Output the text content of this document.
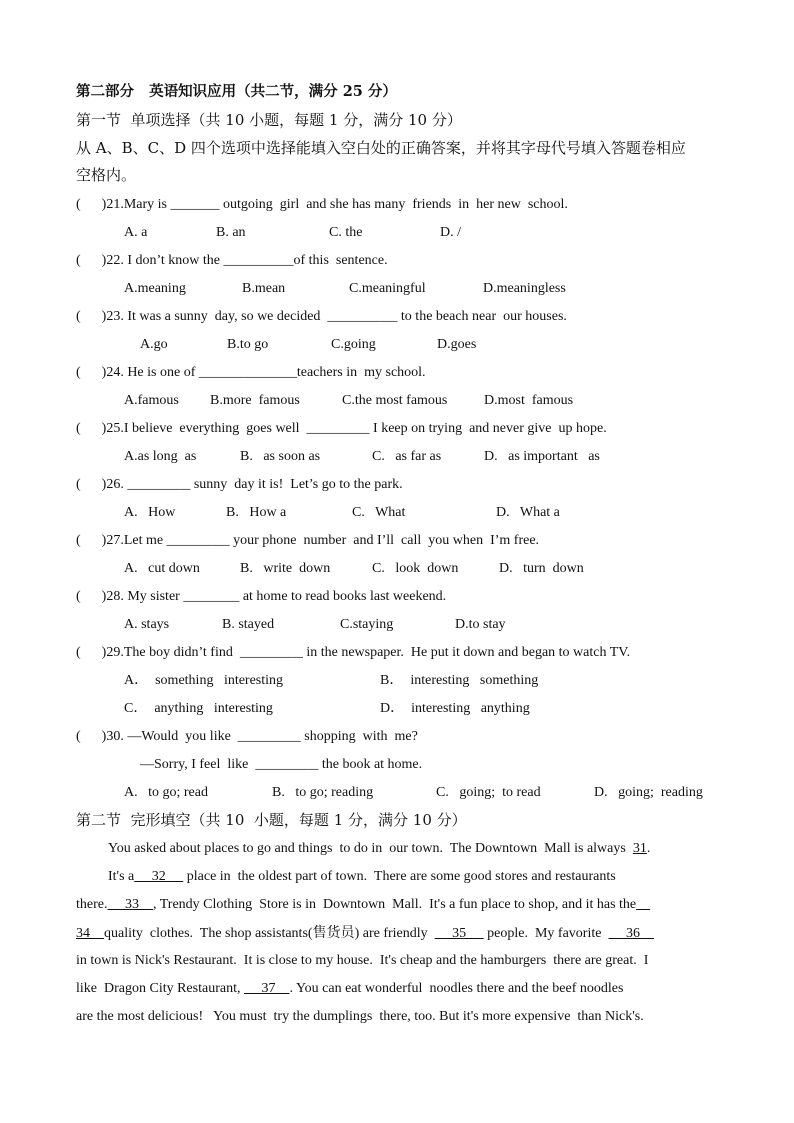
第二部分   英语知识应用（共二节，满分 25 分）
第一节  单项选择（共 10 小题，每题 1 分，满分 10 分）
从 A、B、C、D 四个选项中选择能填入空白处的正确答案，并将其字母代号填入答题卷相应
空格内。
(      )21.Mary is _______ outgoing  girl  and she has many  friends  in  her new  school.
A. a	B. an	C. the	D. /
(      )22. I don’t know the __________of this  sentence.
A.meaning	B.mean	C.meaningful	D.meaningless
(      )23. It was a sunny  day, so we decided  __________ to the beach near  our houses.
A.go	B.to go	C.going	D.goes
(      )24. He is one of ______________teachers in  my school.
A.famous B.more  famous	C.the most famous	D.most  famous
(      )25.I believe  everything  goes well  _________ I keep on trying  and never give  up hope.
A.as long  as	B.   as soon as	C.   as far as	D.   as important   as
(      )26. _________ sunny  day it is!  Let’s go to the park.
A.   How	B.   How a	C.   What	D.   What a
(      )27.Let me _________ your phone  number  and I’ll  call  you when  I’m free.
A.   cut down	B.   write  down	C.   look  down	D.   turn  down
(      )28. My sister ________ at home to read books last weekend.
A. stays	B. stayed	C.staying	D.to stay
(      )29.The boy didn’t find  _________ in the newspaper.  He put it down and began to watch TV.
A．  something   interesting	B．  interesting   something
C．  anything   interesting	D．  interesting   anything
(      )30. —Would  you like  _________ shopping  with  me?
—Sorry, I feel  like  _________ the book at home.
A.   to go; read	B.   to go; reading	C.   going;  to read	D.   going;  reading
第二节  完形填空（共 10  小题，每题 1 分，满分 10 分）
You asked about places to go and things  to do in  our town.  The Downtown  Mall is always  31.
It's a     32      place in  the oldest part of town.  There are some good stores and restaurants
there.     33    , Trendy Clothing  Store is in  Downtown  Mall.  It's a fun place to shop, and it has the
34    quality  clothes.  The shop assistants(售货员) are friendly       35      people.  My favorite       36
in town is Nick's Restaurant.  It is close to my house.  It's cheap and the hamburgers  there are great.  I
like  Dragon City Restaurant,      37    . You can eat wonderful  noodles there and the beef noodles
are the most delicious!   You must  try the dumplings  there, too. But it's more expensive  than Nick's.
